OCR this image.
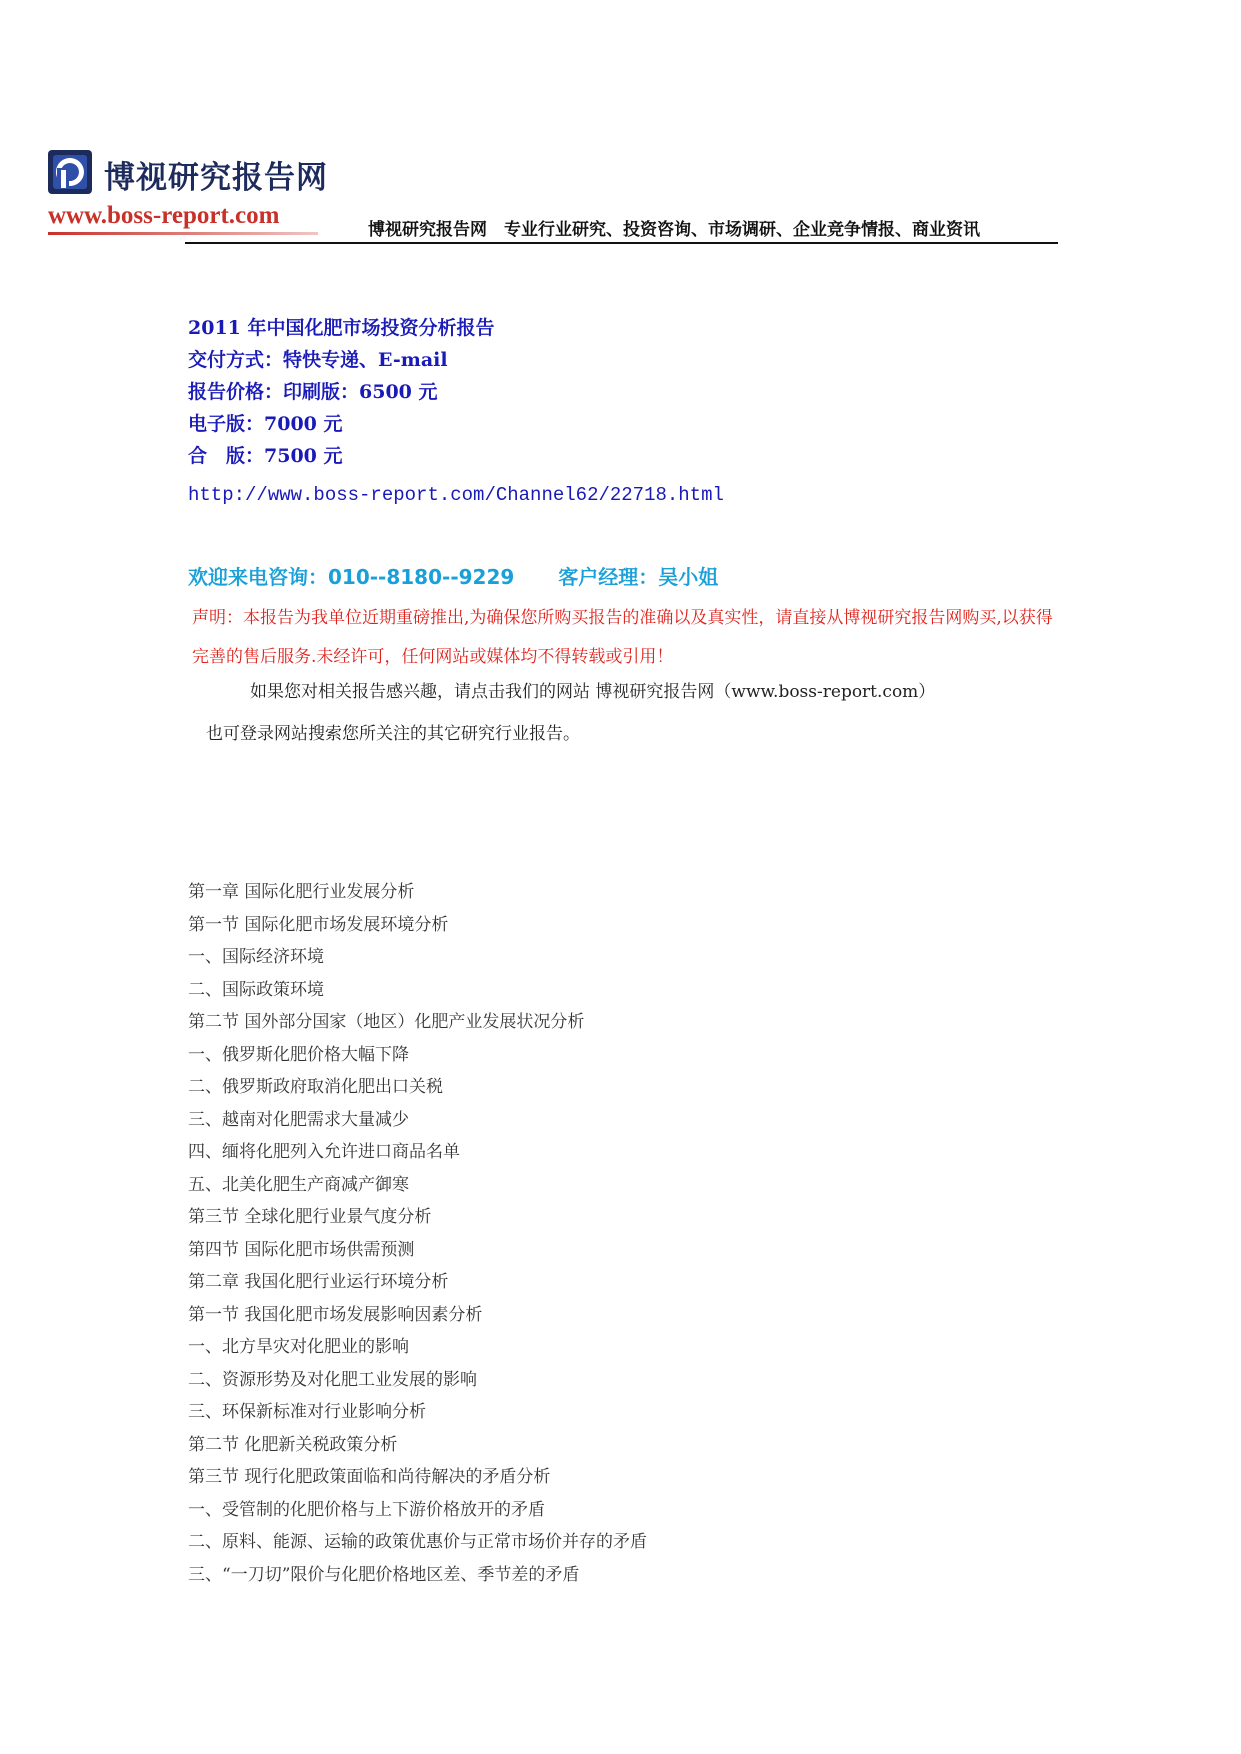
博视研究报告网
www.boss-report.com
博视研究报告网　专业行业研究、投资咨询、市场调研、企业竞争情报、商业资讯
2011 年中国化肥市场投资分析报告
交付方式：特快专递、E-mail
报告价格：印刷版：6500 元
电子版：7000 元
合　版：7500 元
http://www.boss-report.com/Channel62/22718.html
欢迎来电咨询：010--8180--9229 客户经理：吴小姐
声明：本报告为我单位近期重磅推出,为确保您所购买报告的准确以及真实性，请直接从博视研究报告网购买,以获得完善的售后服务.未经许可，任何网站或媒体均不得转载或引用！
如果您对相关报告感兴趣，请点击我们的网站 博视研究报告网（www.boss-report.com）
也可登录网站搜索您所关注的其它研究行业报告。
第一章 国际化肥行业发展分析
第一节 国际化肥市场发展环境分析
一、国际经济环境
二、国际政策环境
第二节 国外部分国家（地区）化肥产业发展状况分析
一、俄罗斯化肥价格大幅下降
二、俄罗斯政府取消化肥出口关税
三、越南对化肥需求大量减少
四、缅将化肥列入允许进口商品名单
五、北美化肥生产商减产御寒
第三节 全球化肥行业景气度分析
第四节 国际化肥市场供需预测
第二章 我国化肥行业运行环境分析
第一节 我国化肥市场发展影响因素分析
一、北方旱灾对化肥业的影响
二、资源形势及对化肥工业发展的影响
三、环保新标准对行业影响分析
第二节 化肥新关税政策分析
第三节 现行化肥政策面临和尚待解决的矛盾分析
一、受管制的化肥价格与上下游价格放开的矛盾
二、原料、能源、运输的政策优惠价与正常市场价并存的矛盾
三、“一刀切”限价与化肥价格地区差、季节差的矛盾
